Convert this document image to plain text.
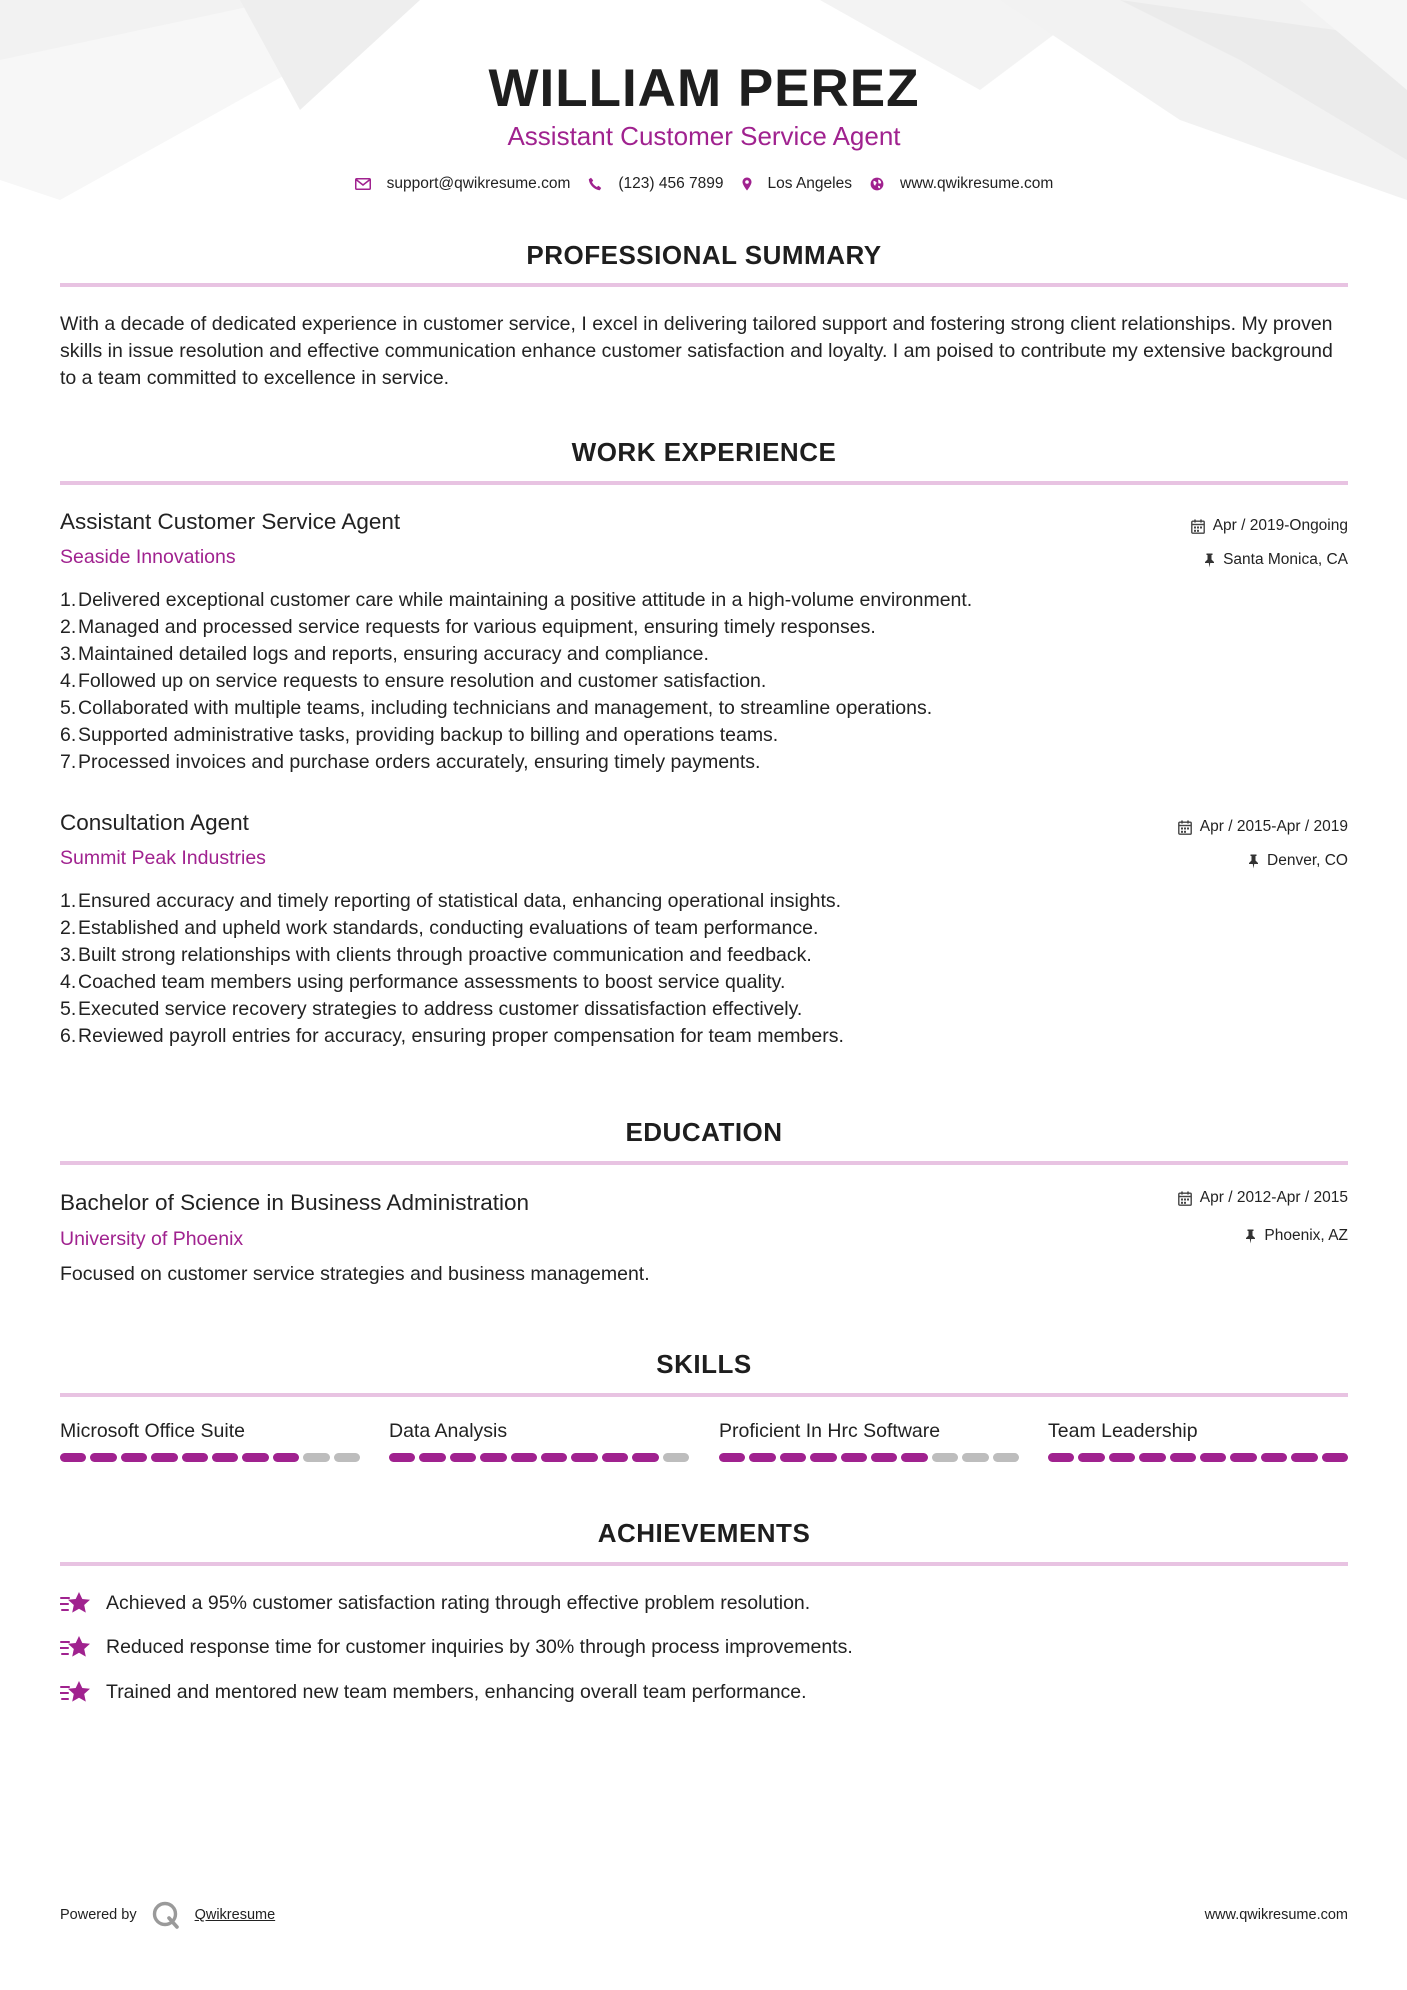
WILLIAM PEREZ
Assistant Customer Service Agent
support@qwikresume.com	(123) 456 7899	Los Angeles	www.qwikresume.com
PROFESSIONAL SUMMARY
With a decade of dedicated experience in customer service, I excel in delivering tailored support and fostering strong client relationships. My proven skills in issue resolution and effective communication enhance customer satisfaction and loyalty. I am poised to contribute my extensive background to a team committed to excellence in service.
WORK EXPERIENCE
Assistant Customer Service Agent
Seaside Innovations
Apr / 2019-Ongoing
Santa Monica, CA
1. Delivered exceptional customer care while maintaining a positive attitude in a high-volume environment.
2. Managed and processed service requests for various equipment, ensuring timely responses.
3. Maintained detailed logs and reports, ensuring accuracy and compliance.
4. Followed up on service requests to ensure resolution and customer satisfaction.
5. Collaborated with multiple teams, including technicians and management, to streamline operations.
6. Supported administrative tasks, providing backup to billing and operations teams.
7. Processed invoices and purchase orders accurately, ensuring timely payments.
Consultation Agent
Summit Peak Industries
Apr / 2015-Apr / 2019
Denver, CO
1. Ensured accuracy and timely reporting of statistical data, enhancing operational insights.
2. Established and upheld work standards, conducting evaluations of team performance.
3. Built strong relationships with clients through proactive communication and feedback.
4. Coached team members using performance assessments to boost service quality.
5. Executed service recovery strategies to address customer dissatisfaction effectively.
6. Reviewed payroll entries for accuracy, ensuring proper compensation for team members.
EDUCATION
Bachelor of Science in Business Administration
University of Phoenix
Apr / 2012-Apr / 2015
Phoenix, AZ
Focused on customer service strategies and business management.
SKILLS
Microsoft Office Suite	Data Analysis	Proficient In Hrc Software	Team Leadership
ACHIEVEMENTS
Achieved a 95% customer satisfaction rating through effective problem resolution.
Reduced response time for customer inquiries by 30% through process improvements.
Trained and mentored new team members, enhancing overall team performance.
Powered by	Qwikresume	www.qwikresume.com
